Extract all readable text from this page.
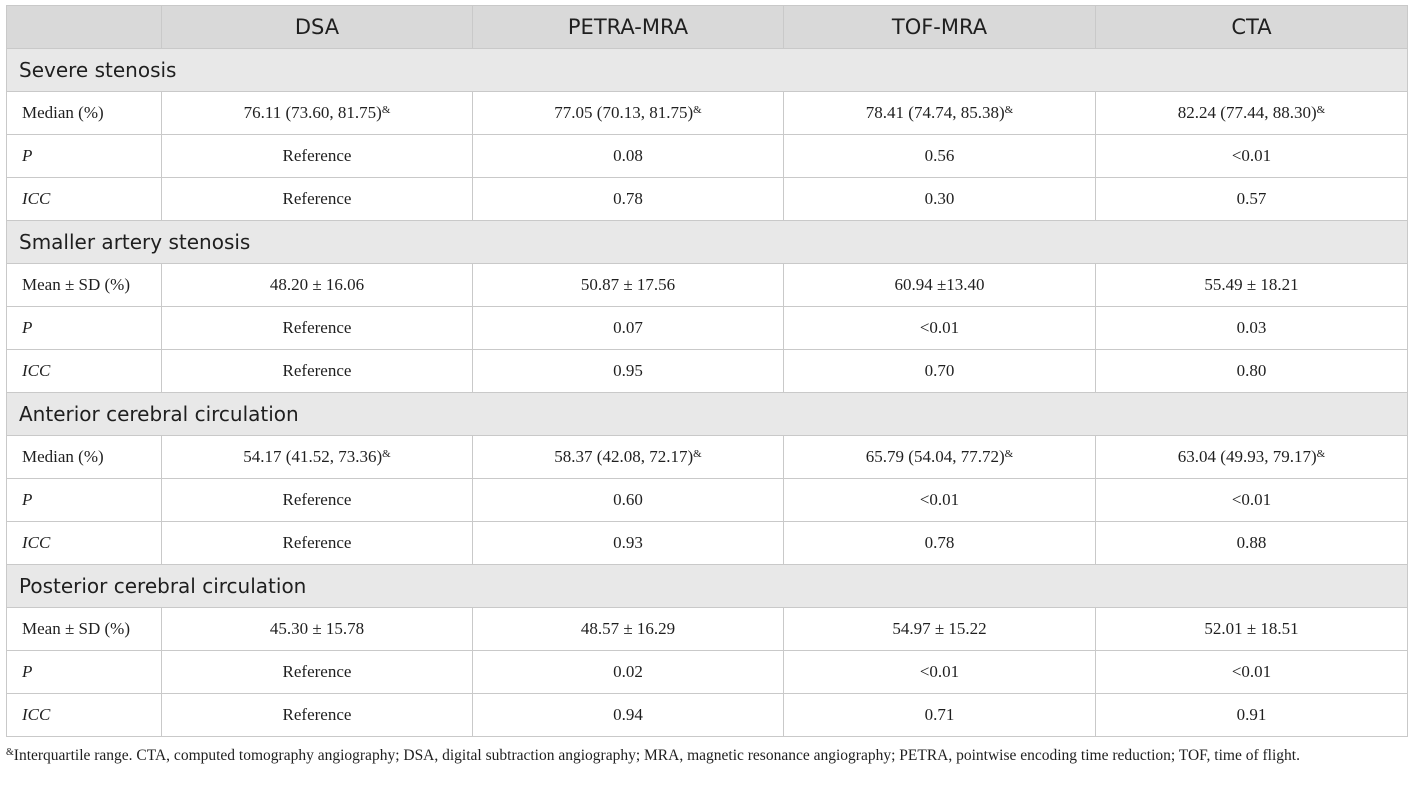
	DSA	PETRA-MRA	TOF-MRA	CTA
Severe stenosis				
Median (%)	76.11 (73.60, 81.75)&	77.05 (70.13, 81.75)&	78.41 (74.74, 85.38)&	82.24 (77.44, 88.30)&
P	Reference	0.08	0.56	<0.01
ICC	Reference	0.78	0.30	0.57
Smaller artery stenosis				
Mean ± SD (%)	48.20 ± 16.06	50.87 ± 17.56	60.94 ±13.40	55.49 ± 18.21
P	Reference	0.07	<0.01	0.03
ICC	Reference	0.95	0.70	0.80
Anterior cerebral circulation				
Median (%)	54.17 (41.52, 73.36)&	58.37 (42.08, 72.17)&	65.79 (54.04, 77.72)&	63.04 (49.93, 79.17)&
P	Reference	0.60	<0.01	<0.01
ICC	Reference	0.93	0.78	0.88
Posterior cerebral circulation				
Mean ± SD (%)	45.30 ± 15.78	48.57 ± 16.29	54.97 ± 15.22	52.01 ± 18.51
P	Reference	0.02	<0.01	<0.01
ICC	Reference	0.94	0.71	0.91
&Interquartile range. CTA, computed tomography angiography; DSA, digital subtraction angiography; MRA, magnetic resonance angiography; PETRA, pointwise encoding time reduction; TOF, time of flight.
